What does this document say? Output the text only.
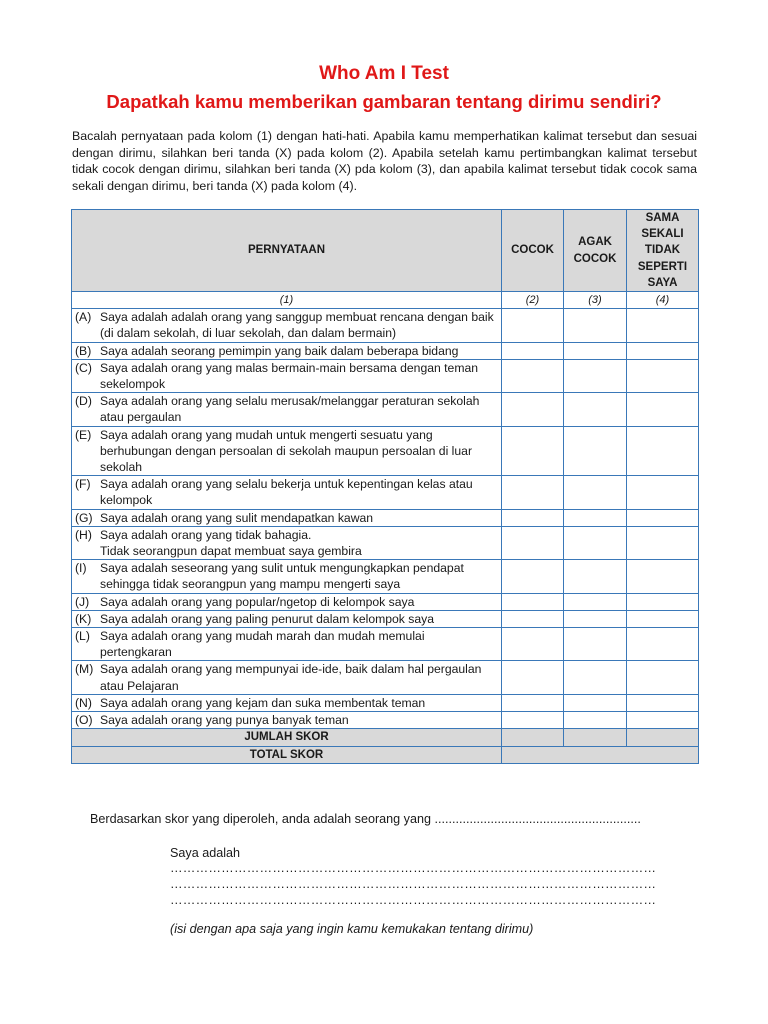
Who Am I Test
Dapatkah kamu memberikan gambaran tentang dirimu sendiri?
Bacalah pernyataan pada kolom (1) dengan hati-hati. Apabila kamu memperhatikan kalimat tersebut dan sesuai dengan dirimu, silahkan beri tanda (X) pada kolom (2). Apabila setelah kamu pertimbangkan kalimat tersebut tidak cocok dengan dirimu, silahkan beri tanda (X) pda kolom (3), dan apabila kalimat tersebut tidak cocok sama sekali dengan dirimu, beri tanda (X) pada kolom (4).
PERNYATAAN	COCOK	AGAK COCOK	SAMA SEKALI TIDAK SEPERTI SAYA
(1)	(2)	(3)	(4)

(A) Saya adalah adalah orang yang sanggup membuat rencana dengan baik (di dalam sekolah, di luar sekolah, dan dalam bermain)			

(B) Saya adalah seorang pemimpin yang baik dalam beberapa bidang			

(C) Saya adalah orang yang malas bermain-main bersama dengan teman sekelompok			

(D) Saya adalah orang yang selalu merusak/melanggar peraturan sekolah atau pergaulan			

(E) Saya adalah orang yang mudah untuk mengerti sesuatu yang berhubungan dengan persoalan di sekolah maupun persoalan di luar sekolah			

(F) Saya adalah orang yang selalu bekerja untuk kepentingan kelas atau kelompok			

(G) Saya adalah orang yang sulit mendapatkan kawan			

(H) Saya adalah orang yang tidak bahagia.
Tidak seorangpun dapat membuat saya gembira			

(I) Saya adalah seseorang yang sulit untuk mengungkapkan pendapat sehingga tidak seorangpun yang mampu mengerti saya			

(J) Saya adalah orang yang popular/ngetop di kelompok saya			

(K) Saya adalah orang yang paling penurut dalam kelompok saya			

(L) Saya adalah orang yang mudah marah dan mudah memulai pertengkaran			

(M) Saya adalah orang yang mempunyai ide-ide, baik dalam hal pergaulan atau Pelajaran			

(N) Saya adalah orang yang kejam dan suka membentak teman			

(O) Saya adalah orang yang punya banyak teman			

JUMLAH SKOR			
TOTAL SKOR			
Berdasarkan skor yang diperoleh, anda adalah seorang yang ...........................................................
Saya adalah
……………………………………………………………………………………………………
……………………………………………………………………………………………………
……………………………………………………………………………………………………
(isi dengan apa saja yang ingin kamu kemukakan tentang dirimu)
